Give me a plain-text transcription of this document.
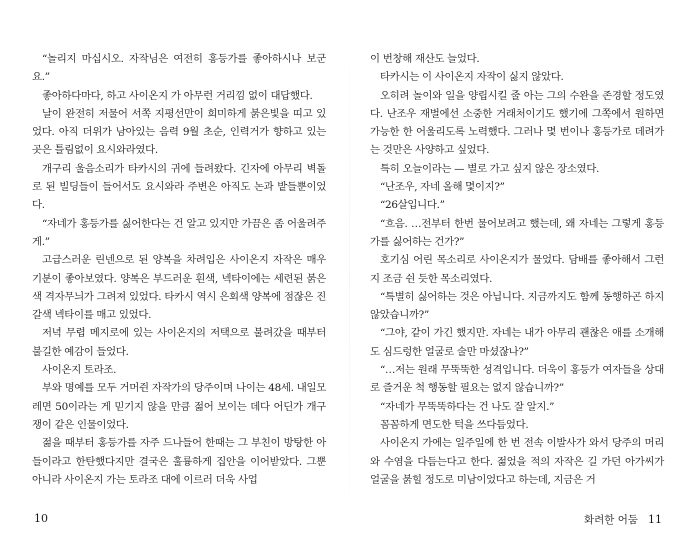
“놀리지 마십시오. 자작님은 여전히 홍등가를 좋아하시나 보군요.”

좋아하다마다, 하고 사이온지 가 아무런 거리낌 없이 대답했다.

날이 완전히 저물어 서쪽 지평선만이 희미하게 붉은빛을 띠고 있었다. 아직 더위가 남아있는 음력 9월 초순, 인력거가 향하고 있는 곳은 틀림없이 요시와라였다.

개구리 울음소리가 타카시의 귀에 들려왔다. 긴자에 아무리 벽돌로 된 빌딩들이 들어서도 요시와라 주변은 아직도 논과 밭들뿐이었다.

“자네가 홍등가를 싫어한다는 건 알고 있지만 가끔은 좀 어울려주게.”

고급스러운 린넨으로 된 양복을 차려입은 사이온지 자작은 매우 기분이 좋아보였다. 양복은 부드러운 흰색, 넥타이에는 세련된 붉은색 격자무늬가 그려져 있었다. 타카시 역시 은회색 양복에 점잖은 진갈색 넥타이를 매고 있었다.

저녁 무렵 메지로에 있는 사이온지의 저택으로 불려갔을 때부터 불길한 예감이 들었다.

사이온지 토라조.

부와 명예를 모두 거머쥔 자작가의 당주이며 나이는 48세. 내일모레면 50이라는 게 믿기지 않을 만큼 젊어 보이는 데다 어딘가 개구쟁이 같은 인물이었다.

젊을 때부터 홍등가를 자주 드나들어 한때는 그 부친이 방탕한 아들이라고 한탄했다지만 결국은 훌륭하게 집안을 이어받았다. 그뿐 아니라 사이온지 가는 토라조 대에 이르러 더욱 사업

10

이 번창해 재산도 늘었다.

타카시는 이 사이온지 자작이 싫지 않았다.

오히려 놀이와 일을 양립시킬 줄 아는 그의 수완을 존경할 정도였다. 난조우 재벌에선 소중한 거래처이기도 했기에 그쪽에서 원하면 가능한 한 어울리도록 노력했다. 그러나 몇 번이나 홍등가로 데려가는 것만은 사양하고 싶었다.

특히 오늘이라는 — 별로 가고 싶지 않은 장소였다.

“난조우, 자네 올해 몇이지?”

“26살입니다.”

“흐음. …전부터 한번 물어보려고 했는데, 왜 자네는 그렇게 홍등가를 싫어하는 건가?”

호기심 어린 목소리로 사이온지가 물었다. 담배를 좋아해서 그런지 조금 쉰 듯한 목소리였다.

“특별히 싫어하는 것은 아닙니다. 지금까지도 함께 동행하곤 하지 않았습니까?”

“그야, 같이 가긴 했지만. 자네는 내가 아무리 괜찮은 애를 소개해도 심드렁한 얼굴로 술만 마셨잖나?”

“…저는 원래 무뚝뚝한 성격입니다. 더욱이 홍등가 여자들을 상대로 즐거운 척 행동할 필요는 없지 않습니까?”

“자네가 무뚝뚝하다는 건 나도 잘 알지.”

꼼꼼하게 면도한 턱을 쓰다듬었다.

사이온지 가에는 일주일에 한 번 전속 이발사가 와서 당주의 머리와 수염을 다듬는다고 한다. 젊었을 적의 자작은 길 가던 아가씨가 얼굴을 붉힐 정도로 미남이었다고 하는데, 지금은 거

화려한 어둠 11
